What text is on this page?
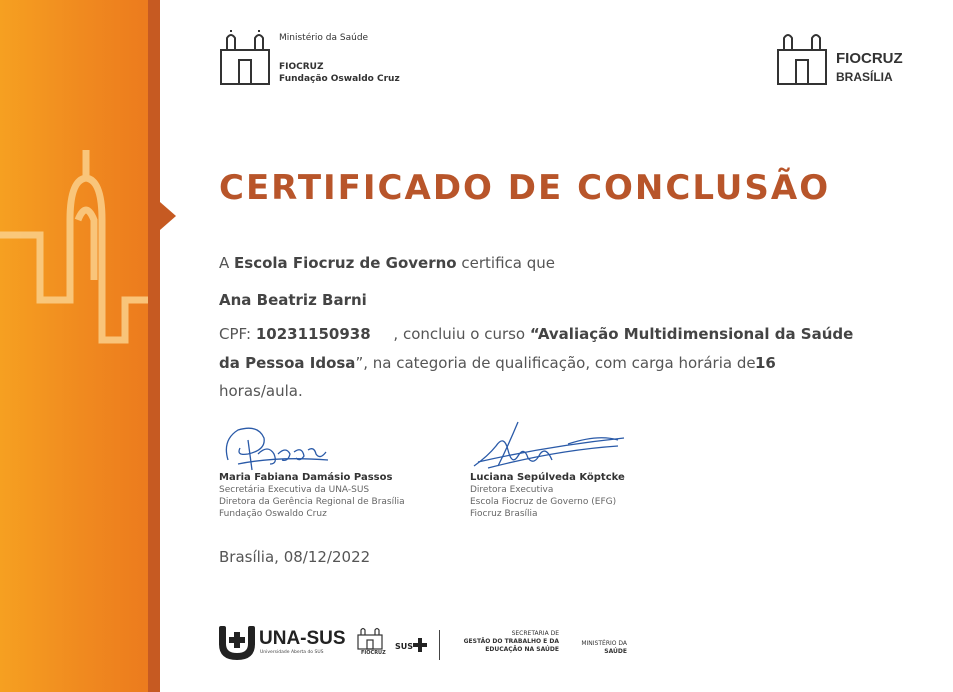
Ministério da Saúde
FIOCRUZ
Fundação Oswaldo Cruz
FIOCRUZ
BRASÍLIA
CERTIFICADO DE CONCLUSÃO
A Escola Fiocruz de Governo certifica que
Ana Beatriz Barni
CPF: 10231150938 , concluiu o curso “Avaliação Multidimensional da Saúde
da Pessoa Idosa”, na categoria de qualificação, com carga horária de 16
horas/aula.
Maria Fabiana Damásio Passos
Secretária Executiva da UNA-SUS
Diretora da Gerência Regional de Brasília
Fundação Oswaldo Cruz
Luciana Sepúlveda Köptcke
Diretora Executiva
Escola Fiocruz de Governo (EFG)
Fiocruz Brasília
Brasília, 08/12/2022
UNA-SUS
Universidade Aberta do SUS	FIOCRUZ
SUS
SECRETARIA DE
GESTÃO DO TRABALHO E DA
EDUCAÇÃO NA SAÚDE
MINISTÉRIO DA
SAÚDE
